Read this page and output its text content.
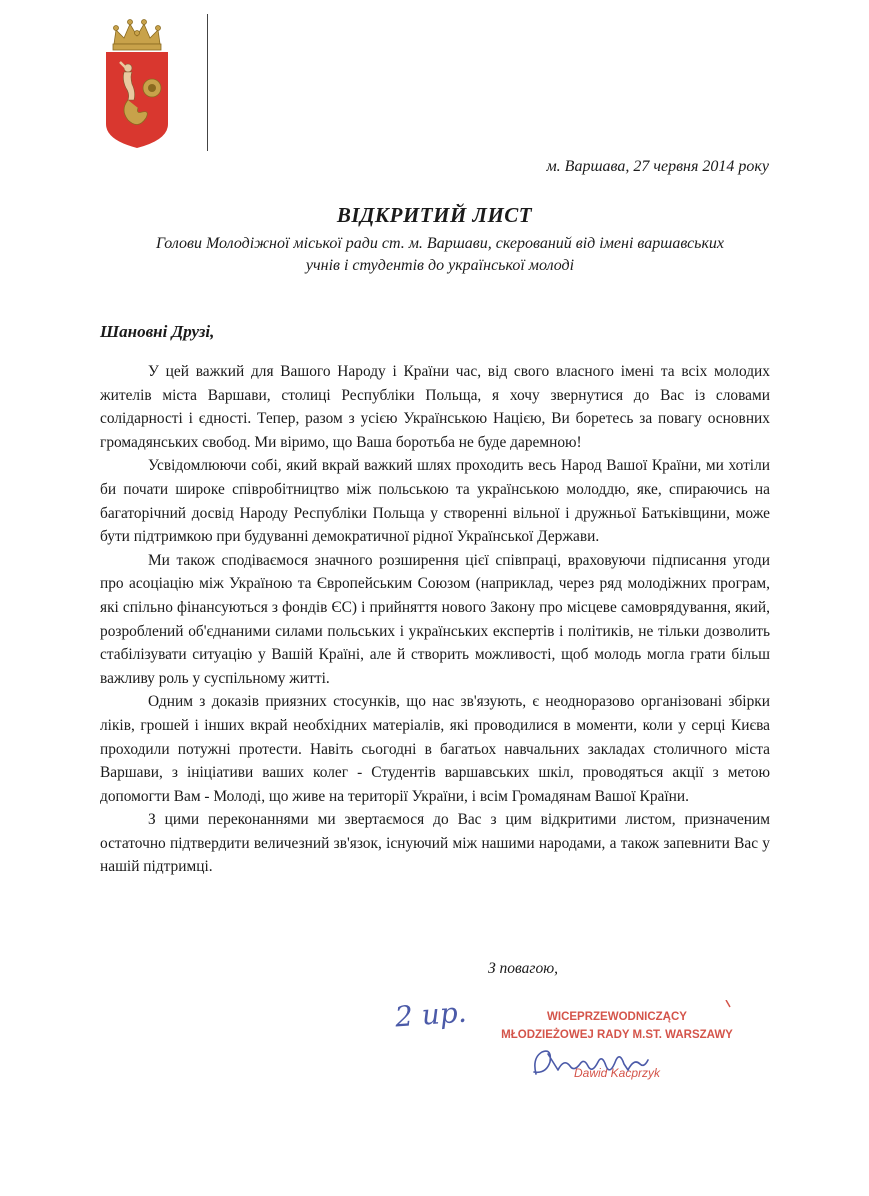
м. Варшава, 27 червня 2014 року
ВІДКРИТИЙ ЛИСТ
Голови Молодіжної міської ради ст. м. Варшави, скерований від імені варшавських
учнів і студентів до української молоді
Шановні Друзі,

У цей важкий для Вашого Народу і Країни час, від свого власного імені та всіх молодих жителів міста Варшави, столиці Республіки Польща, я хочу звернутися до Вас із словами солідарності і єдності. Тепер, разом з усією Українською Нацією, Ви боретесь за повагу основних громадянських свобод. Ми віримо, що Ваша боротьба не буде даремною!

Усвідомлюючи собі, який вкрай важкий шлях проходить весь Народ Вашої Країни, ми хотіли би почати широке співробітництво між польською та українською молоддю, яке, спираючись на багаторічний досвід Народу Республіки Польща у створенні вільної і дружньої Батьківщини, може бути підтримкою при будуванні демократичної рідної Української Держави.

Ми також сподіваємося значного розширення цієї співпраці, враховуючи підписання угоди про асоціацію між Україною та Європейським Союзом (наприклад, через ряд молодіжних програм, які спільно фінансуються з фондів ЄС) і прийняття нового Закону про місцеве самоврядування, який, розроблений об'єднаними силами польських і українських експертів і політиків, не тільки дозволить стабілізувати ситуацію у Вашій Країні, але й створить можливості, щоб молодь могла грати більш важливу роль у суспільному житті.

Одним з доказів приязних стосунків, що нас зв'язують, є неодноразово організовані збірки ліків, грошей і інших вкрай необхідних матеріалів, які проводилися в моменти, коли у серці Києва проходили потужні протести. Навіть сьогодні в багатьох навчальних закладах столичного міста Варшави, з ініціативи ваших колег - Студентів варшавських шкіл, проводяться акції з метою допомогти Вам - Молоді, що живе на території України, і всім Громадянам Вашої Країни.

З цими переконаннями ми звертаємося до Вас з цим відкритими листом, призначеним остаточно підтвердити величезний зв'язок, існуючий між нашими народами, а також запевнити Вас у нашій підтримці.

З повагою,
2 ир.	WICEPRZEWODNICZĄCY
MŁODZIEŻOWEJ RADY M.ST. WARSZAWY
Dawid Kacprzyk
